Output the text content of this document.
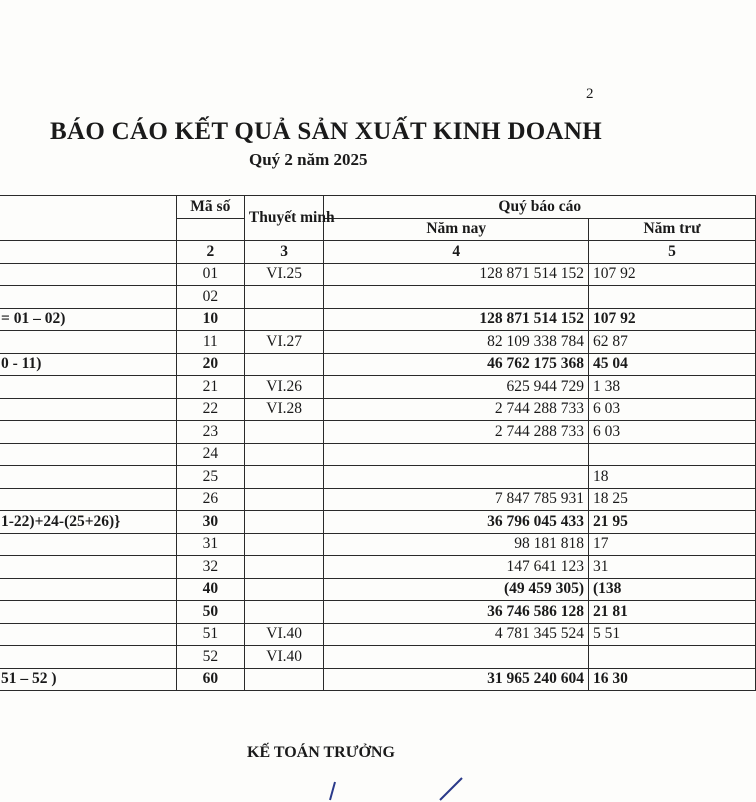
2
BÁO CÁO KẾT QUẢ SẢN XUẤT KINH DOANH
Quý 2 năm 2025
	Mã số	Thuyết minh	Quý báo cáo	
			Năm nay	Năm trư
	2	3	4	5
	01	VI.25	128 871 514 152	107 92
	02			
= 01 – 02)	10		128 871 514 152	107 92
	11	VI.27	82 109 338 784	62 87
0 - 11)	20		46 762 175 368	45 04
	21	VI.26	625 944 729	1 38
	22	VI.28	2 744 288 733	6 03
	23		2 744 288 733	6 03
	24			
	25			18
	26		7 847 785 931	18 25
1-22)+24-(25+26)}	30		36 796 045 433	21 95
	31		98 181 818	17
	32		147 641 123	31
	40		(49 459 305)	(138
	50		36 746 586 128	21 81
	51	VI.40	4 781 345 524	5 51
	52	VI.40		
51 – 52 )	60		31 965 240 604	16 30
KẾ TOÁN TRƯỞNG
